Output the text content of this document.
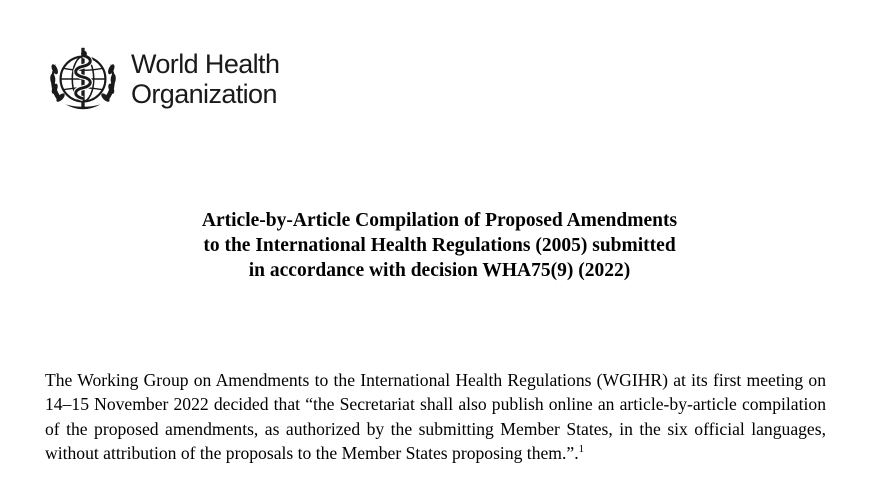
World Health
Organization
Article-by-Article Compilation of Proposed Amendments
to the International Health Regulations (2005) submitted
in accordance with decision WHA75(9) (2022)

The Working Group on Amendments to the International Health Regulations (WGIHR) at its first meeting on 14–15 November 2022 decided that “the Secretariat shall also publish online an article-by-article compilation of the proposed amendments, as authorized by the submitting Member States, in the six official languages, without attribution of the proposals to the Member States proposing them.”.$^1$
